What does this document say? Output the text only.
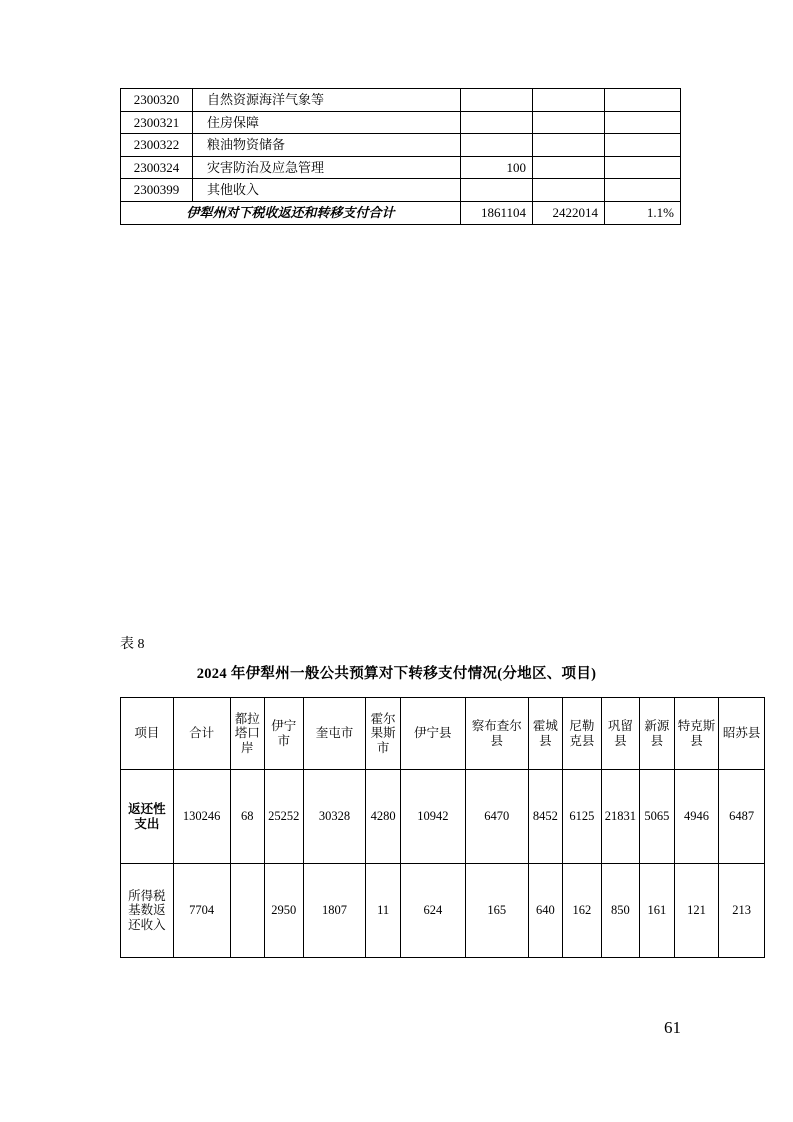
2300320	自然资源海洋气象等			
2300321	住房保障			
2300322	粮油物资储备			
2300324	灾害防治及应急管理	100		
2300399	其他收入			
伊犁州对下税收返还和转移支付合计		1861104	2422014	1.1%
表 8
2024 年伊犁州一般公共预算对下转移支付情况(分地区、项目)
项目	合计	都拉塔口岸	伊宁市	奎屯市	霍尔果斯市	伊宁县	察布查尔县	霍城县	尼勒克县	巩留县	新源县	特克斯县	昭苏县
返还性支出	130246	68	25252	30328	4280	10942	6470	8452	6125	21831	5065	4946	6487
所得税基数返还收入	7704		2950	1807	11	624	165	640	162	850	161	121	213
61
